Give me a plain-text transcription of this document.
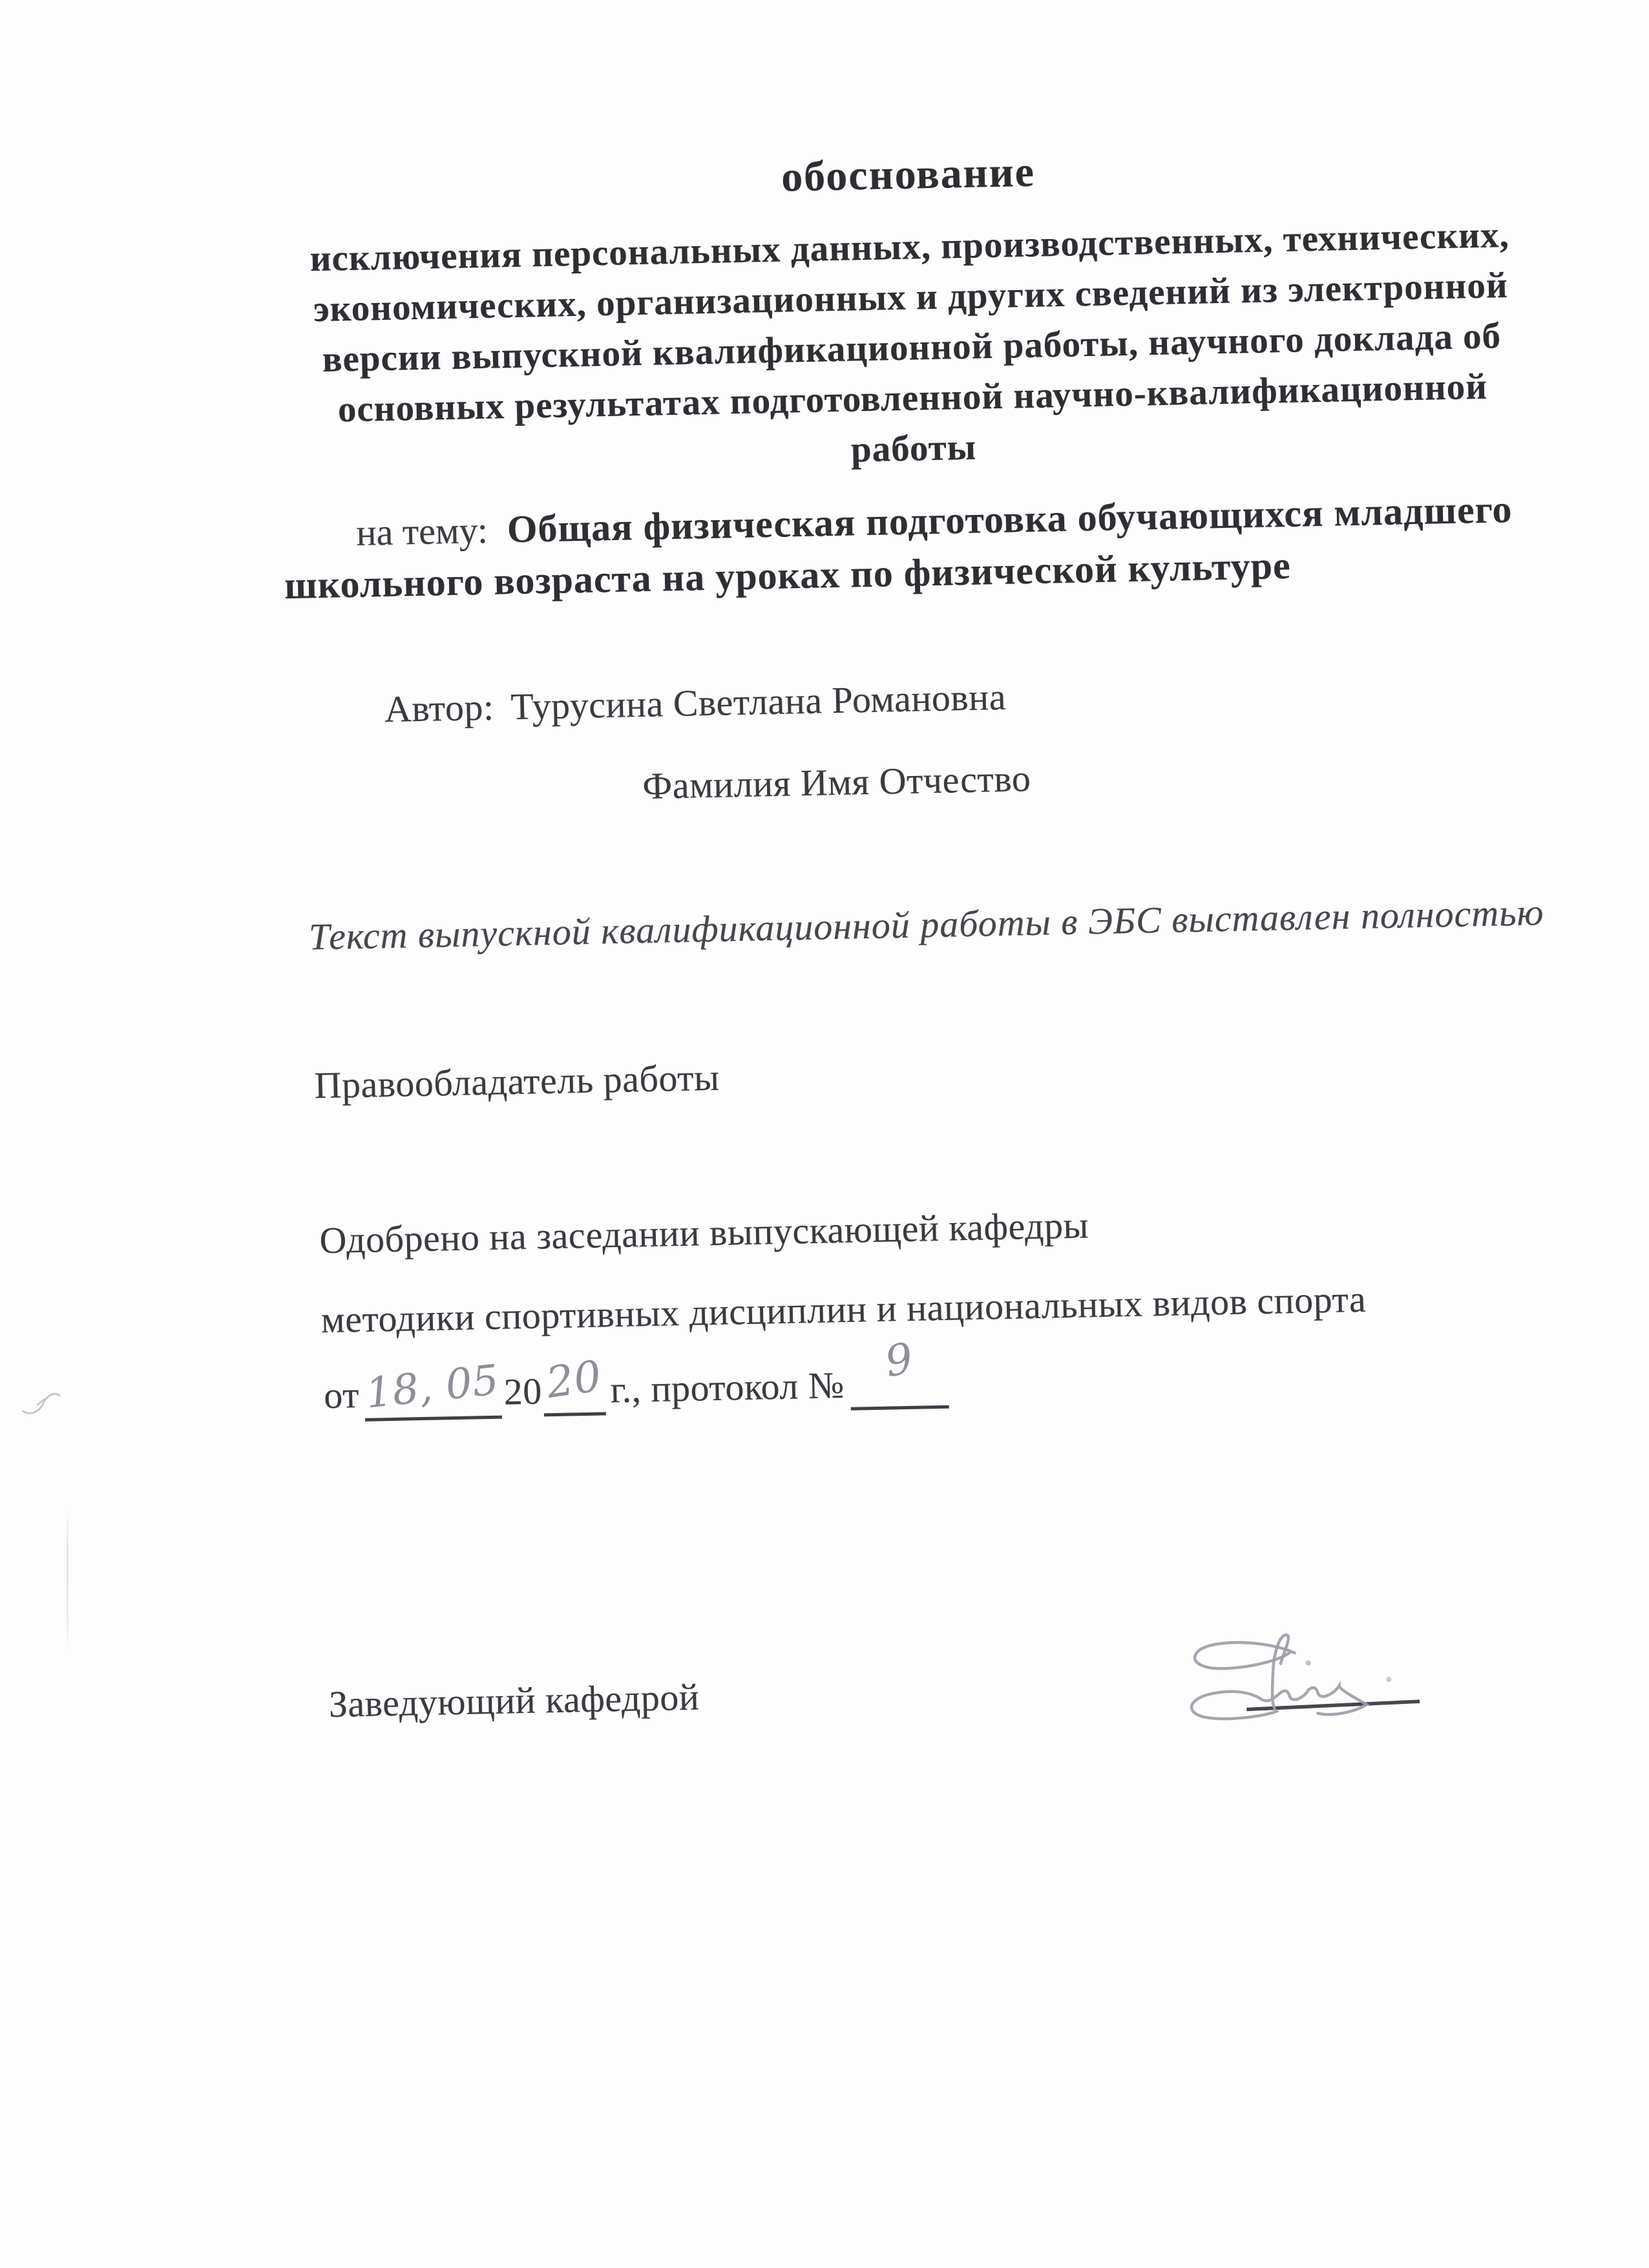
обоснование
исключения персональных данных, производственных, технических,
экономических, организационных и других сведений из электронной
версии выпускной квалификационной работы, научного доклада об
основных результатах подготовленной научно-квалификационной
работы
на тему: Общая физическая подготовка обучающихся младшего
школьного возраста на уроках по физической культуре
Автор: Турусина Светлана Романовна
Фамилия Имя Отчество
Текст выпускной квалификационной работы в ЭБС выставлен полностью
Правообладатель работы
Одобрено на заседании выпускающей кафедры
методики спортивных дисциплин и национальных видов спорта
от 18, 052020 г., протокол №9
Заведующий кафедрой
